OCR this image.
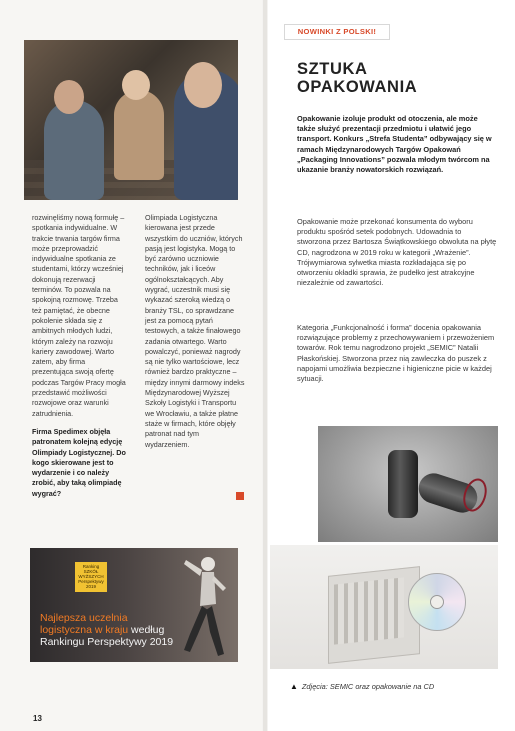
rozwinęliśmy nową formułę – spotkania indywidualne. W trakcie trwania targów firma może przeprowadzić indywidualne spotkania ze studentami, którzy wcześniej dokonują rezerwacji terminów. To pozwala na spokojną rozmowę. Trzeba też pamiętać, że obecne pokolenie składa się z ambitnych młodych ludzi, którym zależy na rozwoju kariery zawodowej. Warto zatem, aby firma prezentująca swoją ofertę podczas Targów Pracy mogła przedstawić możliwości rozwojowe oraz warunki zatrudnienia.

Firma Spedimex objęła patronatem kolejną edycję Olimpiady Logistycznej. Do kogo skierowane jest to wydarzenie i co należy zrobić, aby taką olimpiadę wygrać?

Olimpiada Logistyczna kierowana jest przede wszystkim do uczniów, których pasją jest logistyka. Mogą to być zarówno uczniowie techników, jak i liceów ogólnokształcących. Aby wygrać, uczestnik musi się wykazać szeroką wiedzą o branży TSL, co sprawdzane jest za pomocą pytań testowych, a także finałowego zadania otwartego. Warto powalczyć, ponieważ nagrody są nie tylko wartościowe, lecz również bardzo praktyczne – między innymi darmowy indeks Międzynarodowej Wyższej Szkoły Logistyki i Transportu we Wrocławiu, a także płatne staże w firmach, które objęły patronat nad tym wydarzeniem.

Ranking SZKÓŁ WYŻSZYCH Perspektywy 2019
Najlepsza uczelnia
logistyczna w kraju według
Rankingu Perspektywy 2019
13
NOWINKI Z POLSKI!
SZTUKA
OPAKOWANIA
Opakowanie izoluje produkt od otoczenia, ale może także służyć prezentacji przedmiotu i ułatwić jego transport. Konkurs „Strefa Studenta” odbywający się w ramach Międzynarodowych Targów Opakowań „Packaging Innovations” pozwala młodym twórcom na ukazanie branży nowatorskich rozwiązań.
Opakowanie może przekonać konsumenta do wyboru produktu spośród setek podobnych. Udowadnia to stworzona przez Bartosza Świątkowskiego obwoluta na płytę CD, nagrodzona w 2019 roku w kategorii „Wrażenie”. Trójwymiarowa sylwetka miasta rozkładająca się po otworzeniu okładki sprawia, że pudełko jest atrakcyjne niezależnie od zawartości.
Kategoria „Funkcjonalność i forma” docenia opakowania rozwiązujące problemy z przechowywaniem i przewożeniem towarów. Rok temu nagrodzono projekt „SEMIC” Natalii Płaskońskiej. Stworzona przez nią zawleczka do puszek z napojami umożliwia bezpieczne i higieniczne picie w każdej sytuacji.
▲ Zdjęcia: SEMIC oraz opakowanie na CD
